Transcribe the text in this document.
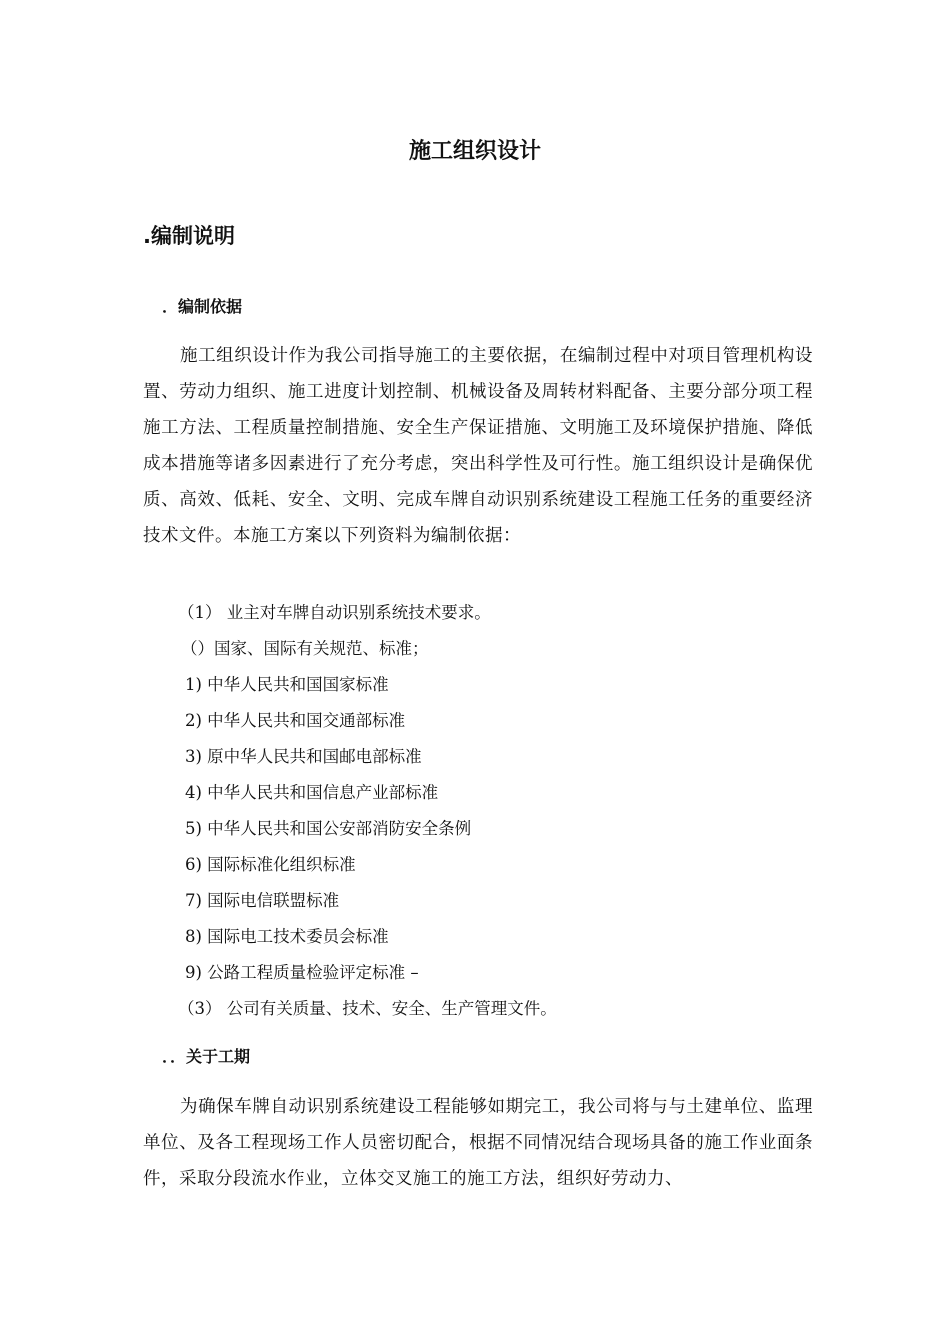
施工组织设计
.编制说明
．编制依据

施工组织设计作为我公司指导施工的主要依据，在编制过程中对项目管理机构设置、劳动力组织、施工进度计划控制、机械设备及周转材料配备、主要分部分项工程施工方法、工程质量控制措施、安全生产保证措施、文明施工及环境保护措施、降低成本措施等诸多因素进行了充分考虑，突出科学性及可行性。施工组织设计是确保优质、高效、低耗、安全、文明、完成车牌自动识别系统建设工程施工任务的重要经济技术文件。本施工方案以下列资料为编制依据：

（1） 业主对车牌自动识别系统技术要求。
（）国家、国际有关规范、标准；
1) 中华人民共和国国家标准
2) 中华人民共和国交通部标准
3) 原中华人民共和国邮电部标准
4) 中华人民共和国信息产业部标准
5) 中华人民共和国公安部消防安全条例
6) 国际标准化组织标准
7) 国际电信联盟标准
8) 国际电工技术委员会标准
9) 公路工程质量检验评定标准 –
（3） 公司有关质量、技术、安全、生产管理文件。
．．关于工期

为确保车牌自动识别系统建设工程能够如期完工，我公司将与与土建单位、监理单位、及各工程现场工作人员密切配合，根据不同情况结合现场具备的施工作业面条件，采取分段流水作业，立体交叉施工的施工方法，组织好劳动力、
